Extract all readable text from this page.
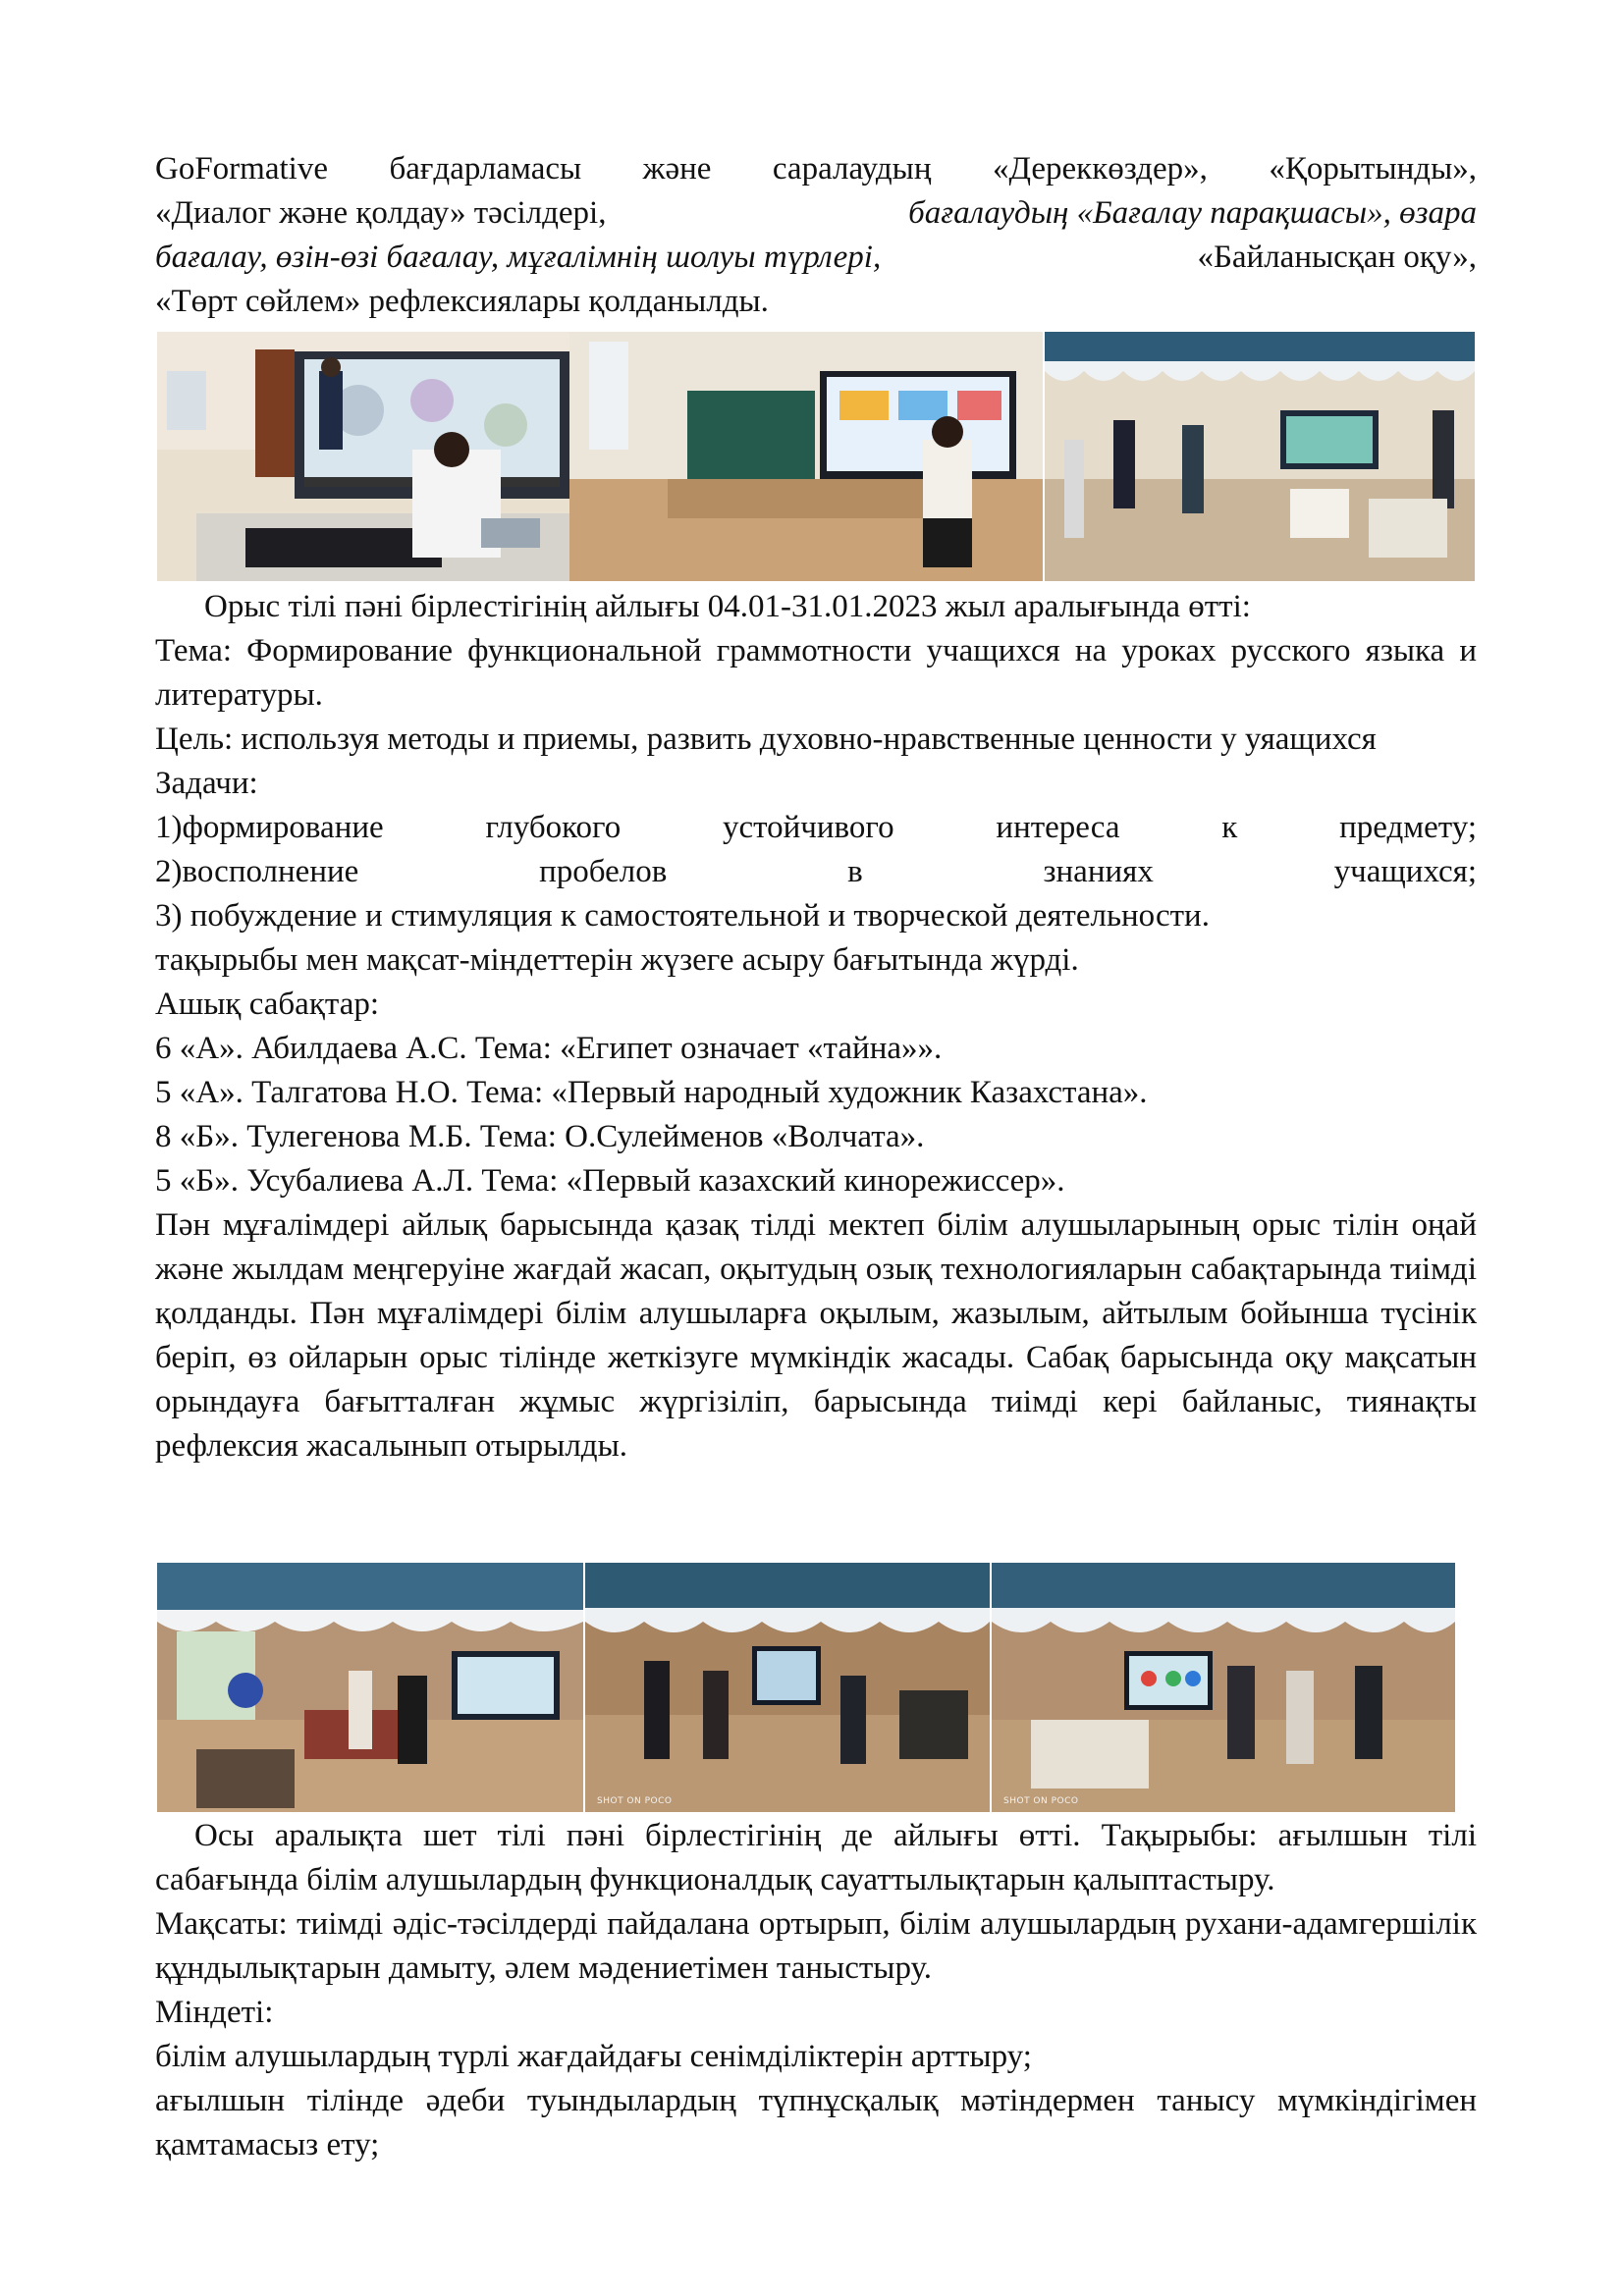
GoFormative бағдарламасы және саралаудың «Дереккөздер», «Қорытынды»,

«Диалог және қолдау» тәсілдері,	бағалаудың «Бағалау парақшасы», өзара

бағалау, өзін-өзі бағалау, мұғалімнің шолуы түрлері,	«Байланысқан оқу»,

«Төрт сөйлем» рефлексиялары қолданылды.

Орыс тілі пәні бірлестігінің айлығы 04.01-31.01.2023 жыл аралығында өтті:

Тема: Формирование функциональной граммотности учащихся на уроках русского языка и литературы.

Цель: используя методы и приемы, развить духовно-нравственные ценности у уяащихся

Задачи:

1)формирование глубокого устойчивого интереса к предмету;

2)восполнение пробелов в знаниях учащихся;

3) побуждение и стимуляция к самостоятельной и творческой деятельности.

тақырыбы мен мақсат-міндеттерін жүзеге асыру бағытында жүрді.

Ашық сабақтар:

6 «А». Абилдаева А.С. Тема: «Египет означает «тайна»».

5 «А». Талгатова Н.О. Тема: «Первый народный художник Казахстана».

8 «Б». Тулегенова М.Б. Тема: О.Сулейменов «Волчата».

5 «Б». Усубалиева А.Л. Тема: «Первый казахский кинорежиссер».

Пән мұғалімдері айлық барысында қазақ тілді мектеп білім алушыларының орыс тілін оңай және жылдам меңгеруіне жағдай жасап, оқытудың озық технологияларын сабақтарында тиімді қолданды. Пән мұғалімдері білім алушыларға оқылым, жазылым, айтылым бойынша түсінік беріп, өз ойларын орыс тілінде жеткізуге мүмкіндік жасады. Сабақ барысында оқу мақсатын орындауға бағытталған жұмыс жүргізіліп, барысында тиімді кері байланыс, тиянақты рефлексия жасалынып отырылды.

SHOT ON POCO	SHOT ON POCO

Осы аралықта шет тілі пәні бірлестігінің де айлығы өтті. Тақырыбы: ағылшын тілі сабағында білім алушылардың функционалдық сауаттылықтарын қалыптастыру.

Мақсаты: тиімді әдіс-тәсілдерді пайдалана ортырып, білім алушылардың рухани-адамгершілік құндылықтарын дамыту, әлем мәдениетімен таныстыру.

Міндеті:

білім алушылардың түрлі жағдайдағы сенімділіктерін арттыру;

ағылшын тілінде әдеби туындылардың түпнұсқалық мәтіндермен танысу мүмкіндігімен қамтамасыз ету;
